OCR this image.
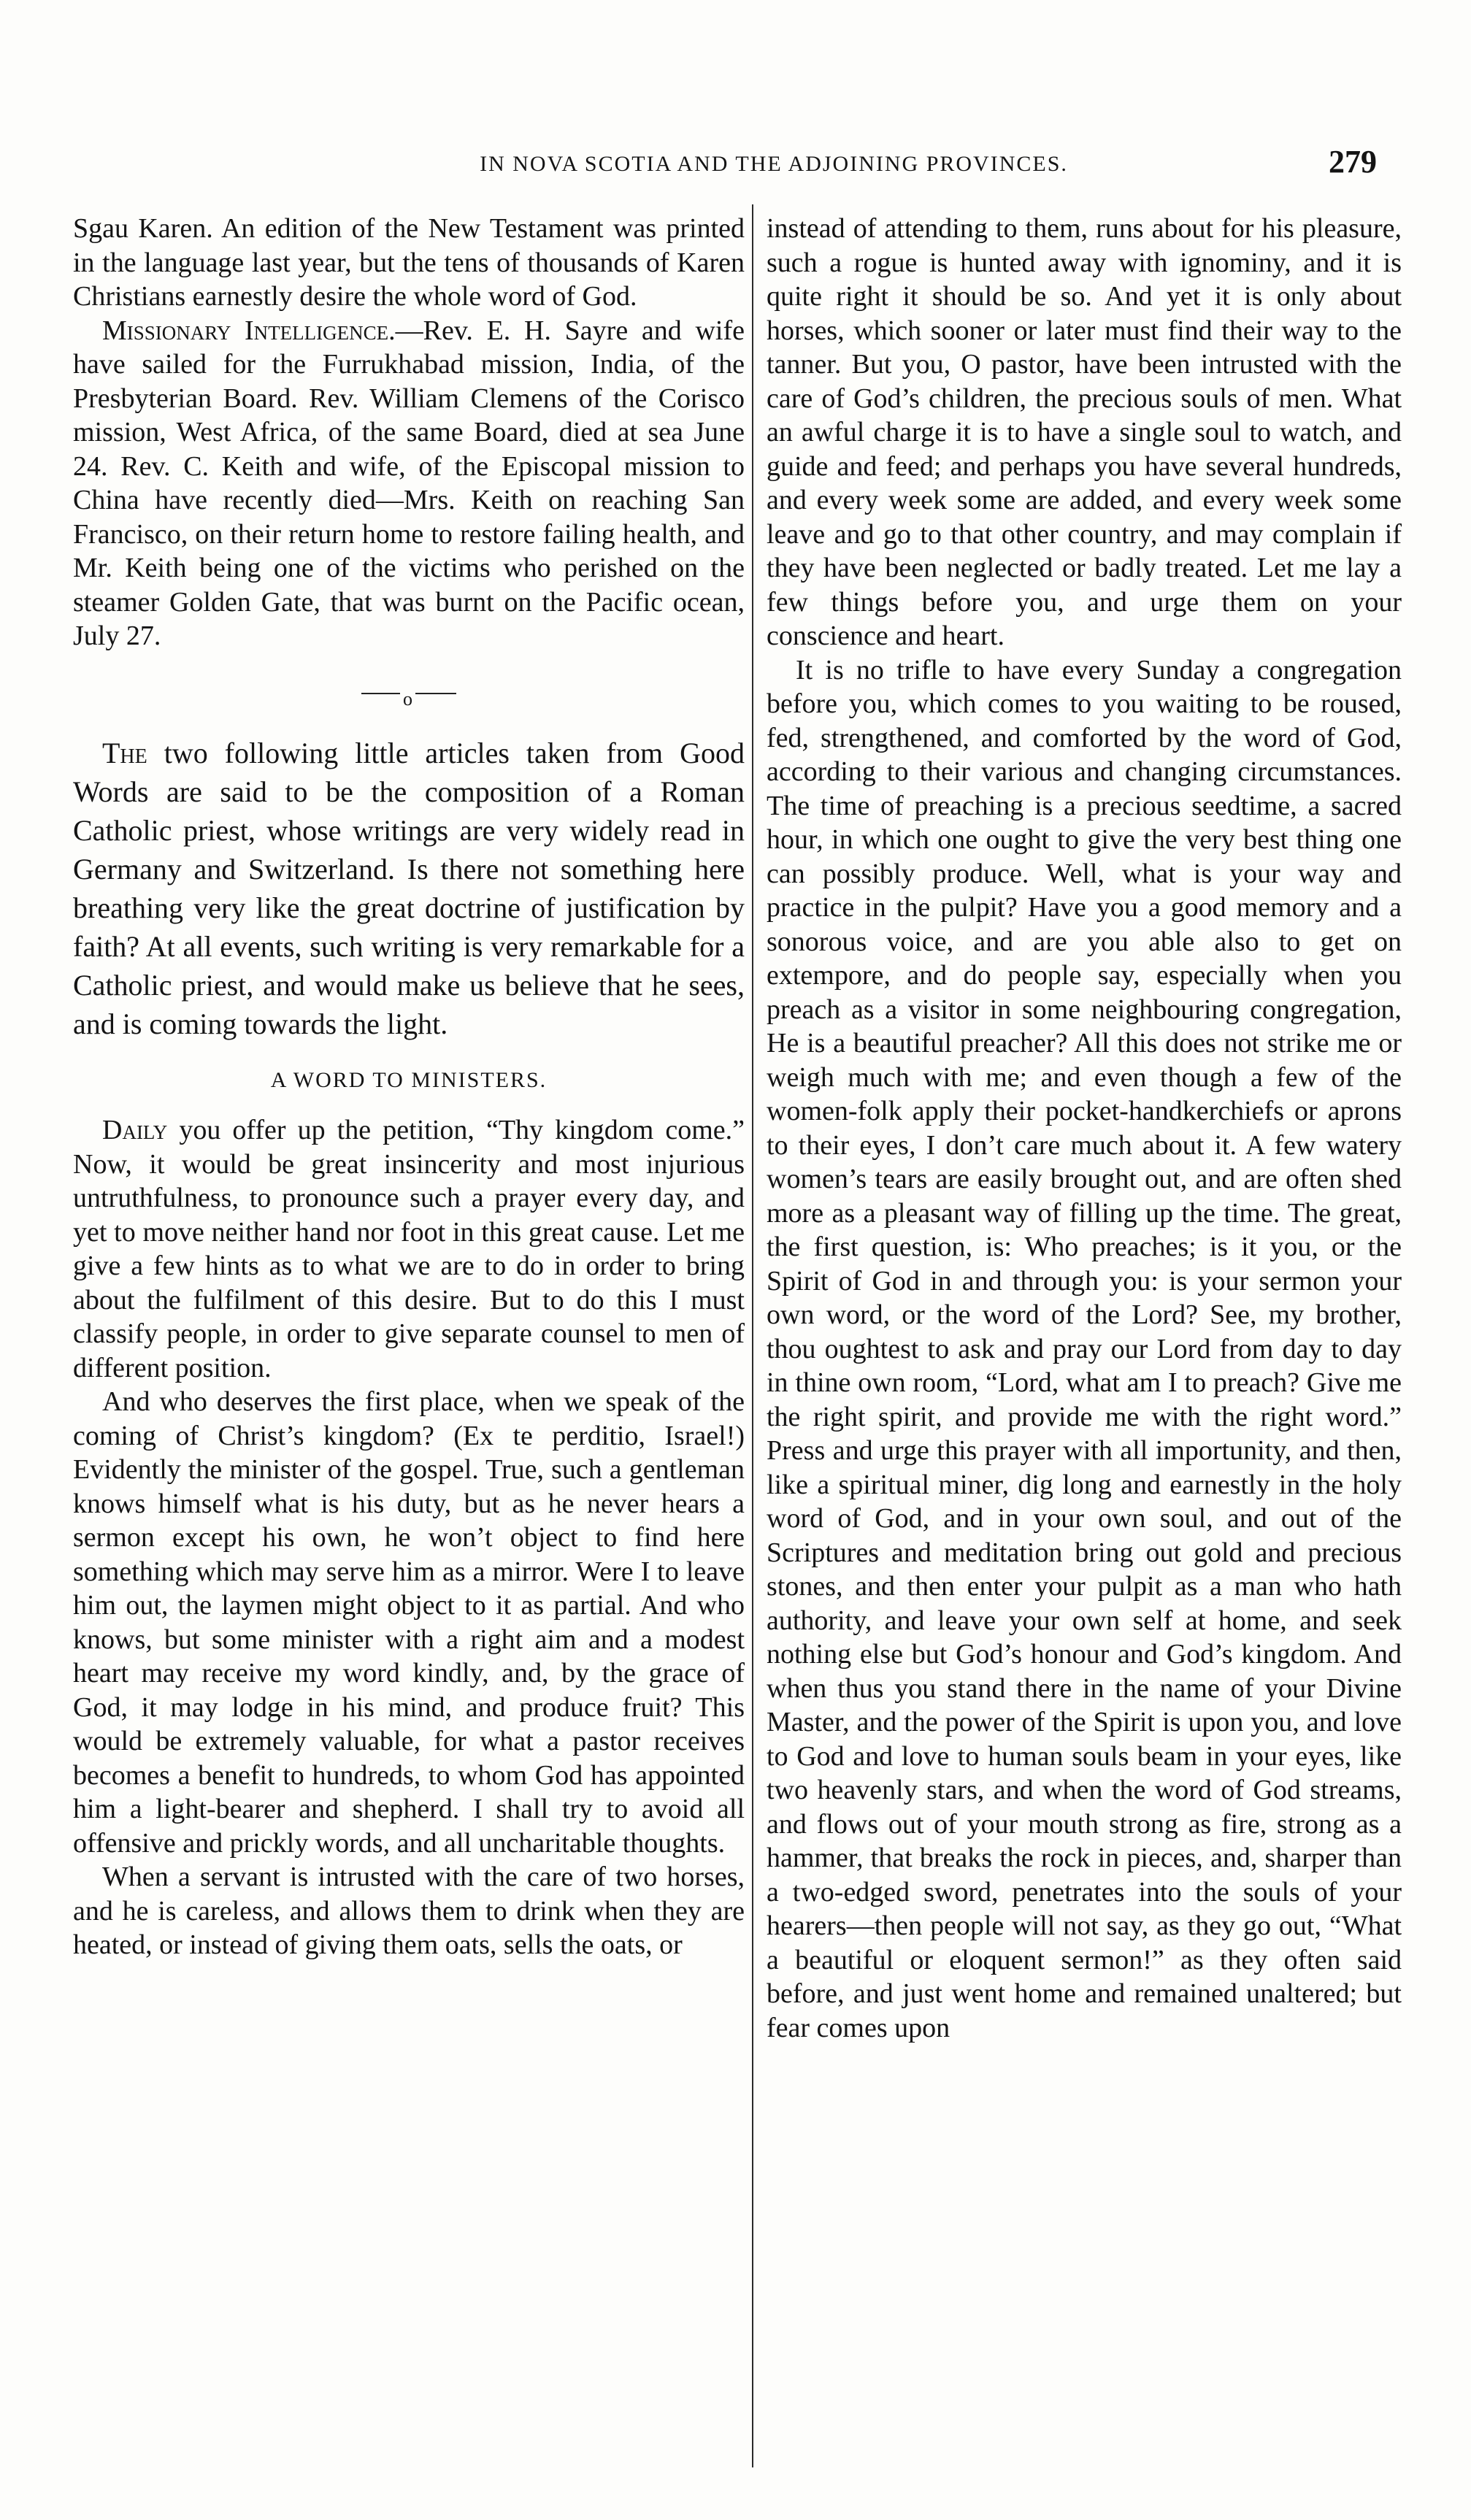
IN NOVA SCOTIA AND THE ADJOINING PROVINCES.	279

Sgau Karen. An edition of the New Testament was printed in the language last year, but the tens of thousands of Karen Christians earnestly desire the whole word of God.

Missionary Intelligence.—Rev. E. H. Sayre and wife have sailed for the Furrukhabad mission, India, of the Presbyterian Board. Rev. William Clemens of the Corisco mission, West Africa, of the same Board, died at sea June 24. Rev. C. Keith and wife, of the Episcopal mission to China have recently died—Mrs. Keith on reaching San Francisco, on their return home to restore failing health, and Mr. Keith being one of the victims who perished on the steamer Golden Gate, that was burnt on the Pacific ocean, July 27.

o

The two following little articles taken from Good Words are said to be the composition of a Roman Catholic priest, whose writings are very widely read in Germany and Switzerland. Is there not something here breathing very like the great doctrine of justification by faith? At all events, such writing is very remarkable for a Catholic priest, and would make us believe that he sees, and is coming towards the light.

A WORD TO MINISTERS.

Daily you offer up the petition, “Thy kingdom come.” Now, it would be great insincerity and most injurious untruthfulness, to pronounce such a prayer every day, and yet to move neither hand nor foot in this great cause. Let me give a few hints as to what we are to do in order to bring about the fulfilment of this desire. But to do this I must classify people, in order to give separate counsel to men of different position.

And who deserves the first place, when we speak of the coming of Christ’s kingdom? (Ex te perditio, Israel!) Evidently the minister of the gospel. True, such a gentleman knows himself what is his duty, but as he never hears a sermon except his own, he won’t object to find here something which may serve him as a mirror. Were I to leave him out, the laymen might object to it as partial. And who knows, but some minister with a right aim and a modest heart may receive my word kindly, and, by the grace of God, it may lodge in his mind, and produce fruit? This would be extremely valuable, for what a pastor receives becomes a benefit to hundreds, to whom God has appointed him a light-bearer and shepherd. I shall try to avoid all offensive and prickly words, and all uncharitable thoughts.

When a servant is intrusted with the care of two horses, and he is careless, and allows them to drink when they are heated, or instead of giving them oats, sells the oats, or

instead of attending to them, runs about for his pleasure, such a rogue is hunted away with ignominy, and it is quite right it should be so. And yet it is only about horses, which sooner or later must find their way to the tanner. But you, O pastor, have been intrusted with the care of God’s children, the precious souls of men. What an awful charge it is to have a single soul to watch, and guide and feed; and perhaps you have several hundreds, and every week some are added, and every week some leave and go to that other country, and may complain if they have been neglected or badly treated. Let me lay a few things before you, and urge them on your conscience and heart.

It is no trifle to have every Sunday a congregation before you, which comes to you waiting to be roused, fed, strengthened, and comforted by the word of God, according to their various and changing circumstances. The time of preaching is a precious seedtime, a sacred hour, in which one ought to give the very best thing one can possibly produce. Well, what is your way and practice in the pulpit? Have you a good memory and a sonorous voice, and are you able also to get on extempore, and do people say, especially when you preach as a visitor in some neighbouring congregation, He is a beautiful preacher? All this does not strike me or weigh much with me; and even though a few of the women-folk apply their pocket-handkerchiefs or aprons to their eyes, I don’t care much about it. A few watery women’s tears are easily brought out, and are often shed more as a pleasant way of filling up the time. The great, the first question, is: Who preaches; is it you, or the Spirit of God in and through you: is your sermon your own word, or the word of the Lord? See, my brother, thou oughtest to ask and pray our Lord from day to day in thine own room, “Lord, what am I to preach? Give me the right spirit, and provide me with the right word.” Press and urge this prayer with all importunity, and then, like a spiritual miner, dig long and earnestly in the holy word of God, and in your own soul, and out of the Scriptures and meditation bring out gold and precious stones, and then enter your pulpit as a man who hath authority, and leave your own self at home, and seek nothing else but God’s honour and God’s kingdom. And when thus you stand there in the name of your Divine Master, and the power of the Spirit is upon you, and love to God and love to human souls beam in your eyes, like two heavenly stars, and when the word of God streams, and flows out of your mouth strong as fire, strong as a hammer, that breaks the rock in pieces, and, sharper than a two-edged sword, penetrates into the souls of your hearers—then people will not say, as they go out, “What a beautiful or eloquent sermon!” as they often said before, and just went home and remained unaltered; but fear comes upon
